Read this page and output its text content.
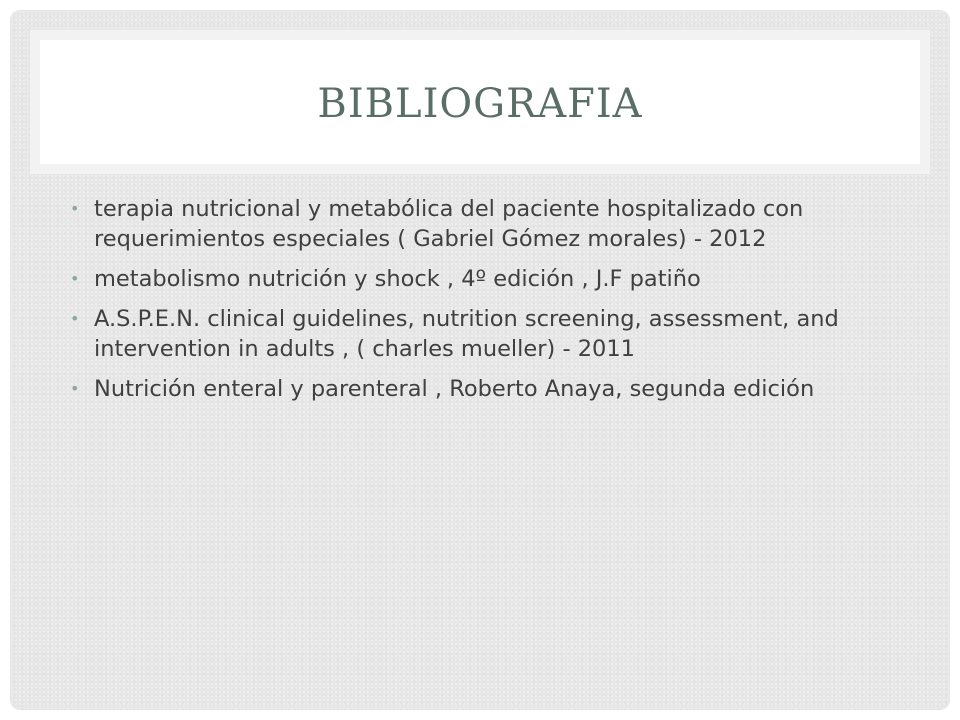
BIBLIOGRAFIA
• terapia nutricional y metabólica del paciente hospitalizado con requerimientos especiales ( Gabriel Gómez morales) - 2012
• metabolismo nutrición y shock , 4º edición , J.F patiño
• A.S.P.E.N. clinical guidelines, nutrition screening, assessment, and intervention in adults , ( charles mueller) - 2011
• Nutrición enteral y parenteral , Roberto Anaya, segunda edición
